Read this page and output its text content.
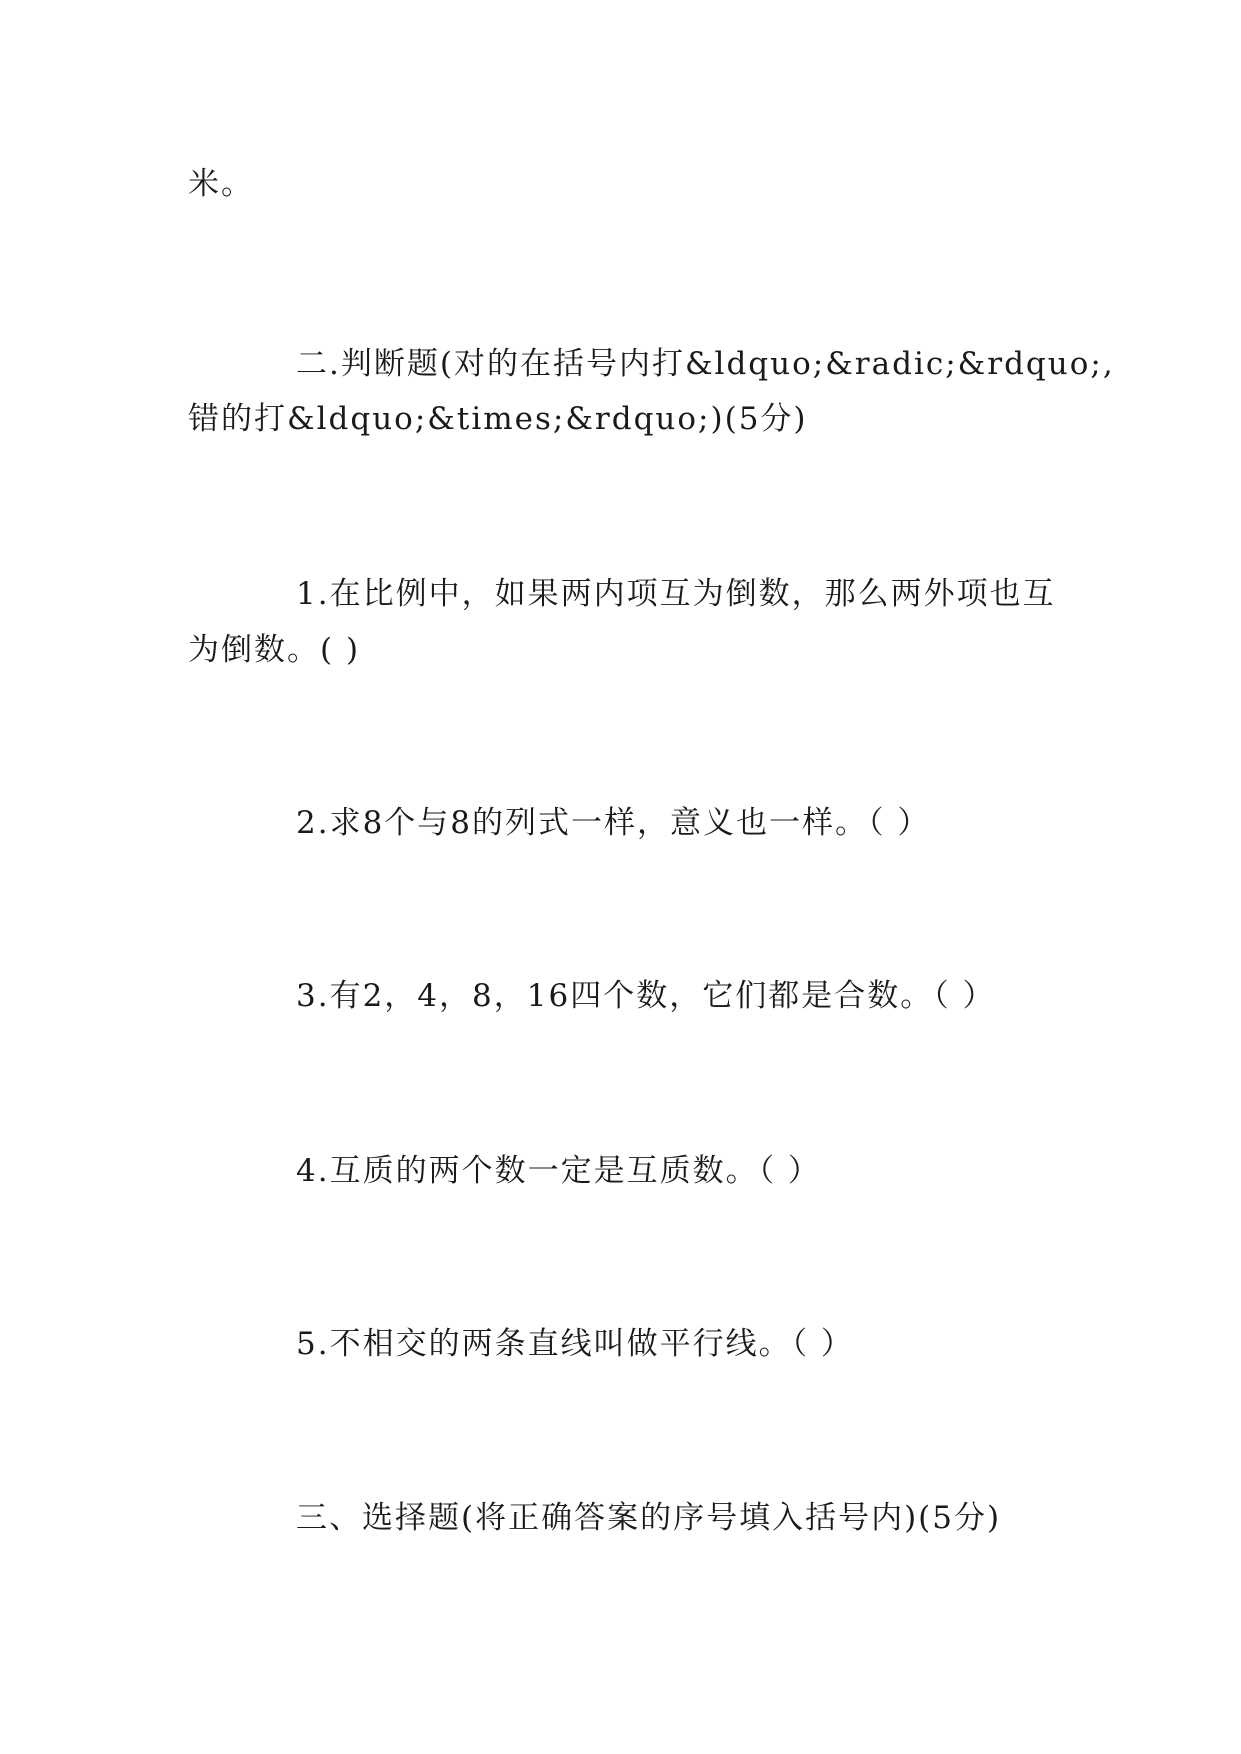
米。
二.判断题(对的在括号内打&ldquo;&radic;&rdquo;,
错的打&ldquo;&times;&rdquo;)(5分)
1.在比例中，如果两内项互为倒数，那么两外项也互
为倒数。( )
2.求8个与8的列式一样，意义也一样。（ ）
3.有2，4，8，16四个数，它们都是合数。（ ）
4.互质的两个数一定是互质数。（ ）
5.不相交的两条直线叫做平行线。（ ）
三、选择题(将正确答案的序号填入括号内)(5分)
